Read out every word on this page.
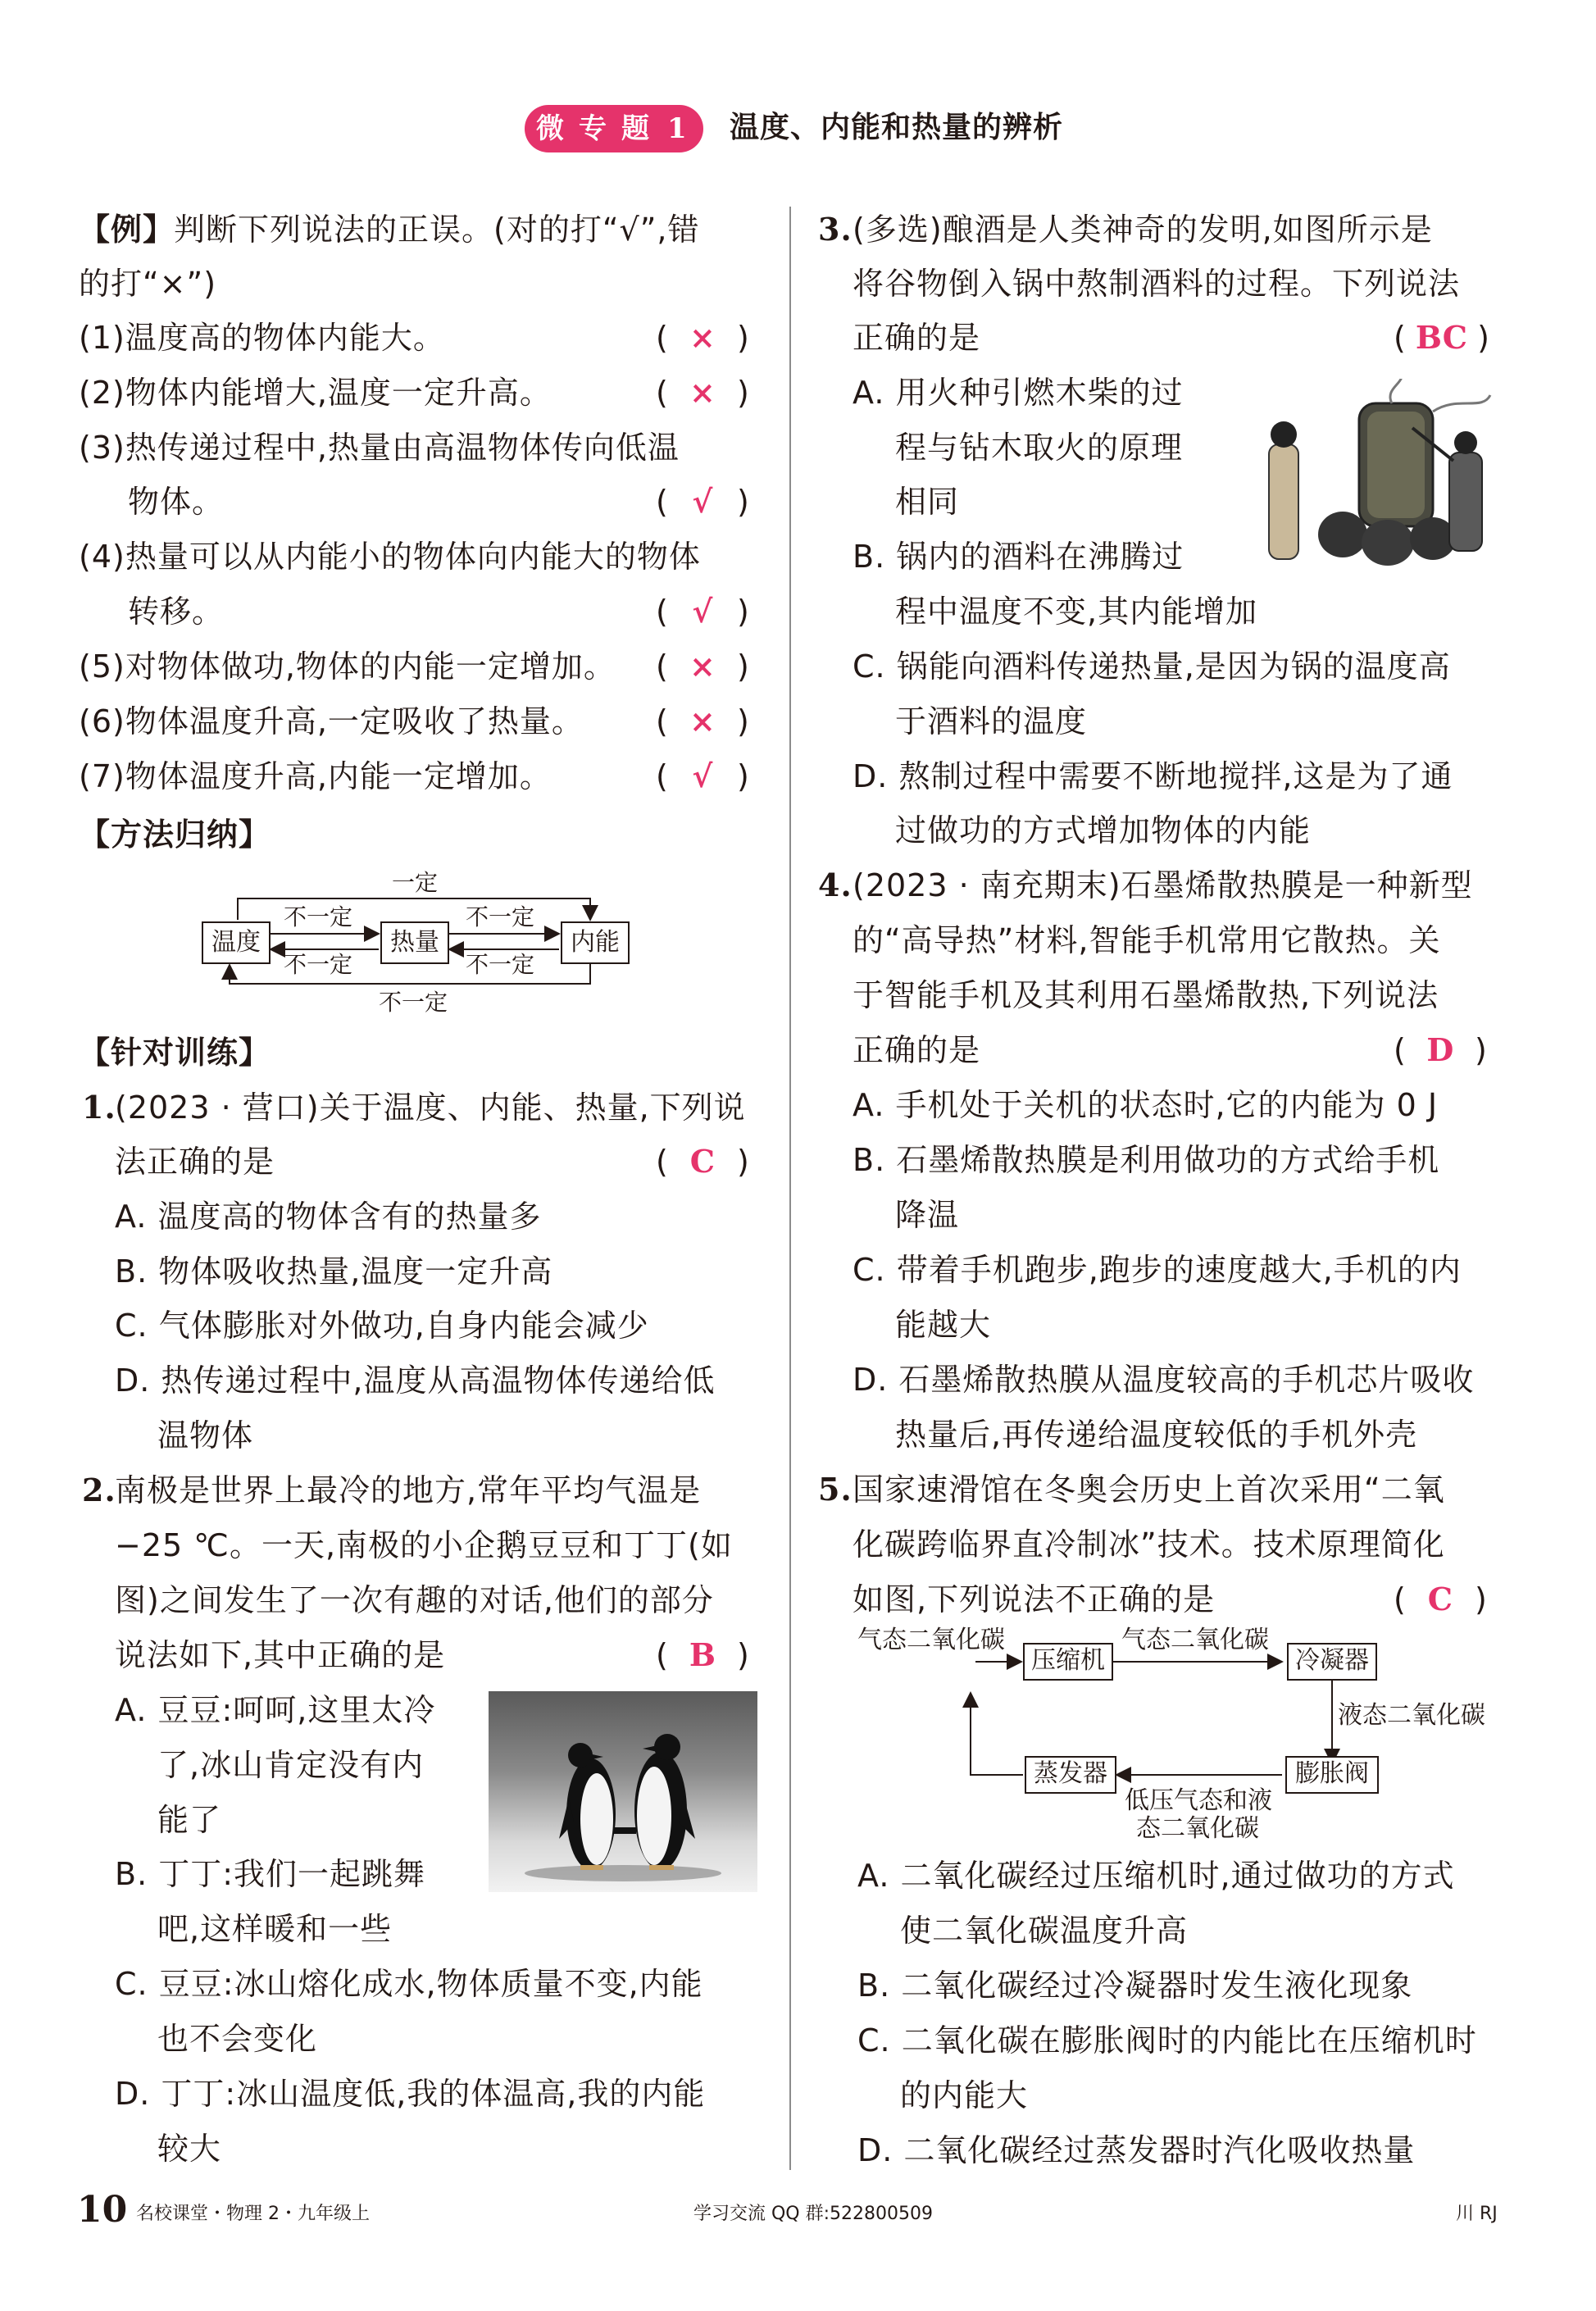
微 专 题 1 温度、内能和热量的辨析
【例】
判断下列说法的正误。(对的打“√”,错
的打“×”)
(1)温度高的物体内能大。	( × )
(2)物体内能增大,温度一定升高。	( × )
(3)热传递过程中,热量由高温物体传向低温
物体。	( √ )
(4)热量可以从内能小的物体向内能大的物体
转移。	( √ )
(5)对物体做功,物体的内能一定增加。 ( × )
(6)物体温度升高,一定吸收了热量。 ( × )
(7)物体温度升高,内能一定增加。	( √ )
【方法归纳】
温度	热量	内能
一定
不一定
不一定
不一定
不一定
不一定
【针对训练】
1.
(2023 · 营口)关于温度、内能、热量,下列说
法正确的是	( C )
A. 温度高的物体含有的热量多
B. 物体吸收热量,温度一定升高
C. 气体膨胀对外做功,自身内能会减少
D. 热传递过程中,温度从高温物体传递给低
温物体
2.
南极是世界上最冷的地方,常年平均气温是
−25 ℃。一天,南极的小企鹅豆豆和丁丁(如
图)之间发生了一次有趣的对话,他们的部分
说法如下,其中正确的是	( B )
A. 豆豆:呵呵,这里太冷
了,冰山肯定没有内
能了
B. 丁丁:我们一起跳舞
吧,这样暖和一些
C. 豆豆:冰山熔化成水,物体质量不变,内能
也不会变化
D. 丁丁:冰山温度低,我的体温高,我的内能
较大
3. (多选)酿酒是人类神奇的发明,如图所示是
将谷物倒入锅中熬制酒料的过程。下列说法
正确的是	( BC )
A. 用火种引燃木柴的过
程与钻木取火的原理
相同
B. 锅内的酒料在沸腾过
程中温度不变,其内能增加
C. 锅能向酒料传递热量,是因为锅的温度高
于酒料的温度
D. 熬制过程中需要不断地搅拌,这是为了通
过做功的方式增加物体的内能
4. (2023 · 南充期末)石墨烯散热膜是一种新型
的“高导热”材料,智能手机常用它散热。关
于智能手机及其利用石墨烯散热,下列说法
正确的是	( D )
A. 手机处于关机的状态时,它的内能为 0 J
B. 石墨烯散热膜是利用做功的方式给手机
降温
C. 带着手机跑步,跑步的速度越大,手机的内
能越大
D. 石墨烯散热膜从温度较高的手机芯片吸收
热量后,再传递给温度较低的手机外壳
5. 国家速滑馆在冬奥会历史上首次采用“二氧
化碳跨临界直冷制冰”技术。技术原理简化
如图,下列说法不正确的是	( C )
气态二氧化碳
压缩机
气态二氧化碳
冷凝器
液态二氧化碳
膨胀阀
蒸发器
低压气态和液
态二氧化碳
A. 二氧化碳经过压缩机时,通过做功的方式
使二氧化碳温度升高
B. 二氧化碳经过冷凝器时发生液化现象
C. 二氧化碳在膨胀阀时的内能比在压缩机时
的内能大
D. 二氧化碳经过蒸发器时汽化吸收热量
10 名校课堂・物理 2・九年级上	学习交流 QQ 群:522800509	川 RJ
